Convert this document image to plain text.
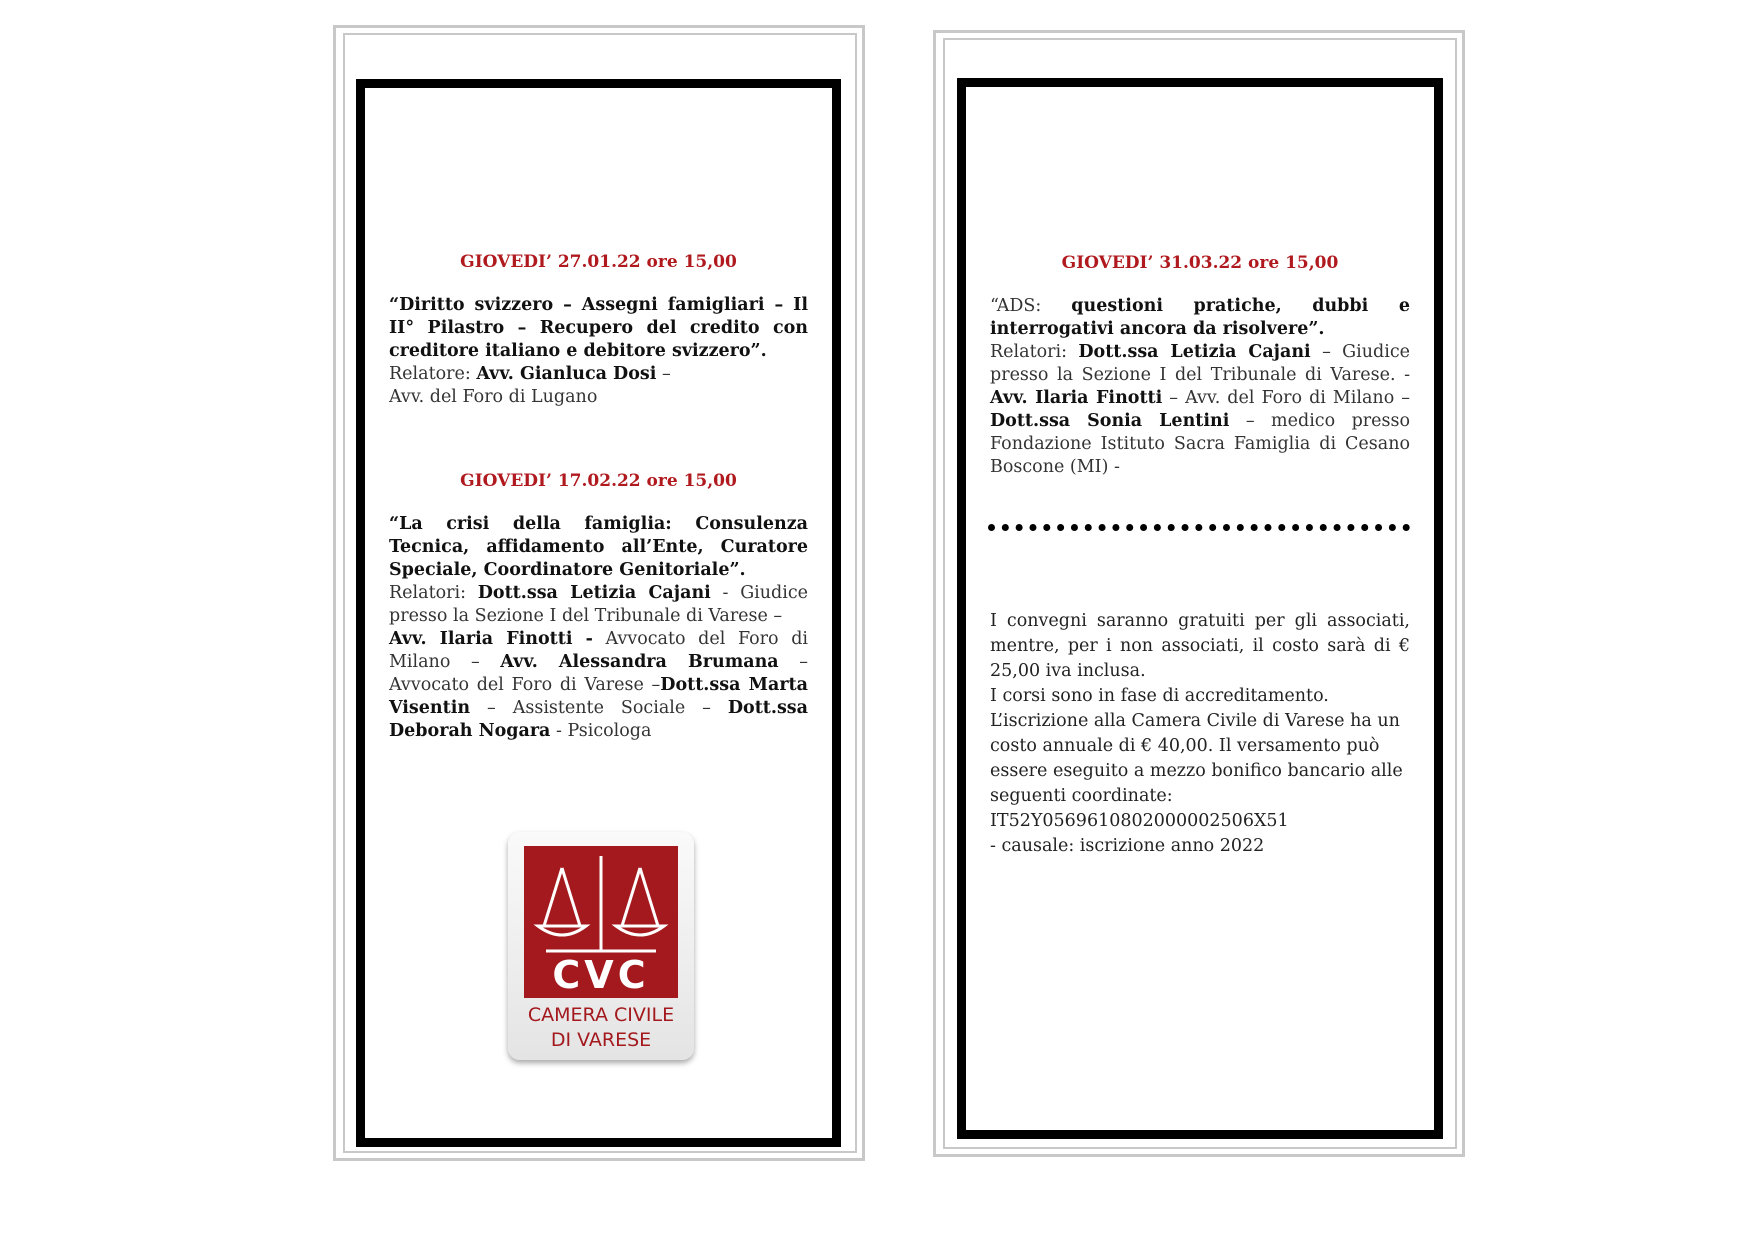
GIOVEDI’ 27.01.22 ore 15,00
“Diritto svizzero – Assegni famigliari – Il II° Pilastro – Recupero del credito con creditore italiano e debitore svizzero”.
Relatore: Avv. Gianluca Dosi –
Avv. del Foro di Lugano
GIOVEDI’ 17.02.22 ore 15,00
“La crisi della famiglia: Consulenza Tecnica, affidamento all’Ente, Curatore Speciale, Coordinatore Genitoriale”.
Relatori: Dott.ssa Letizia Cajani - Giudice presso la Sezione I del Tribunale di Varese –
Avv. Ilaria Finotti - Avvocato del Foro di Milano – Avv. Alessandra Brumana – Avvocato del Foro di Varese –Dott.ssa Marta Visentin – Assistente Sociale – Dott.ssa Deborah Nogara - Psicologa
CVC
CAMERA CIVILE
DI VARESE
GIOVEDI’ 31.03.22 ore 15,00
“ADS: questioni pratiche, dubbi e interrogativi ancora da risolvere”.
Relatori: Dott.ssa Letizia Cajani – Giudice presso la Sezione I del Tribunale di Varese. - Avv. Ilaria Finotti – Avv. del Foro di Milano – Dott.ssa Sonia Lentini – medico presso Fondazione Istituto Sacra Famiglia di Cesano Boscone (MI) -
I convegni saranno gratuiti per gli associati, mentre, per i non associati, il costo sarà di € 25,00 iva inclusa.
I corsi sono in fase di accreditamento.
L’iscrizione alla Camera Civile di Varese ha un costo annuale di € 40,00. Il versamento può essere eseguito a mezzo bonifico bancario alle seguenti coordinate:
IT52Y0569610802000002506X51
- causale: iscrizione anno 2022
